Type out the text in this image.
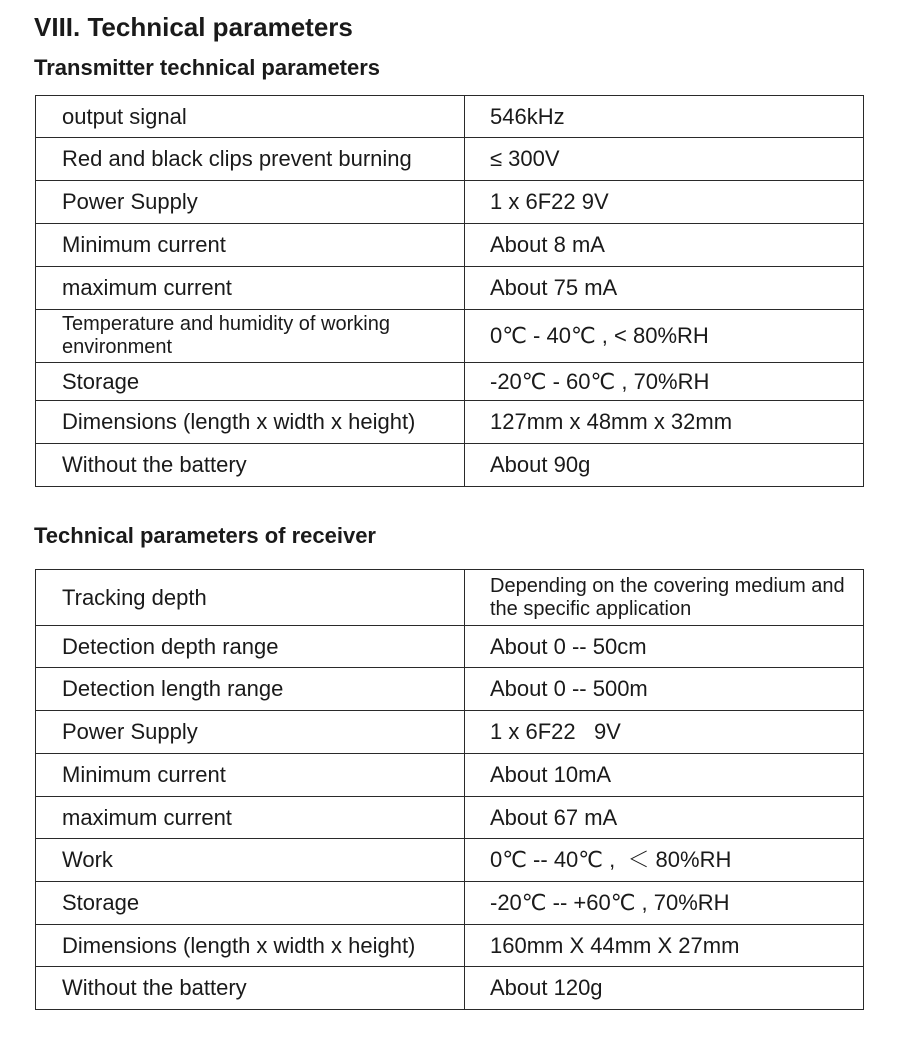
VIII. Technical parameters
Transmitter technical parameters
output signal	546kHz
Red and black clips prevent burning	≤ 300V
Power Supply	1 x 6F22 9V
Minimum current	About 8 mA
maximum current	About 75 mA
Temperature and humidity of working environment	0℃ - 40℃ , < 80%RH
Storage	-20℃ - 60℃ , 70%RH
Dimensions (length x width x height)	127mm x 48mm x 32mm
Without the battery	About 90g
Technical parameters of receiver
Tracking depth	Depending on the covering medium and the specific application
Detection depth range	About 0 -- 50cm
Detection length range	About 0 -- 500m
Power Supply	1 x 6F22   9V
Minimum current	About 10mA
maximum current	About 67 mA
Work	0℃ -- 40℃ ,  ＜ 80%RH
Storage	-20℃ -- +60℃ , 70%RH
Dimensions (length x width x height)	160mm X 44mm X 27mm
Without the battery	About 120g
